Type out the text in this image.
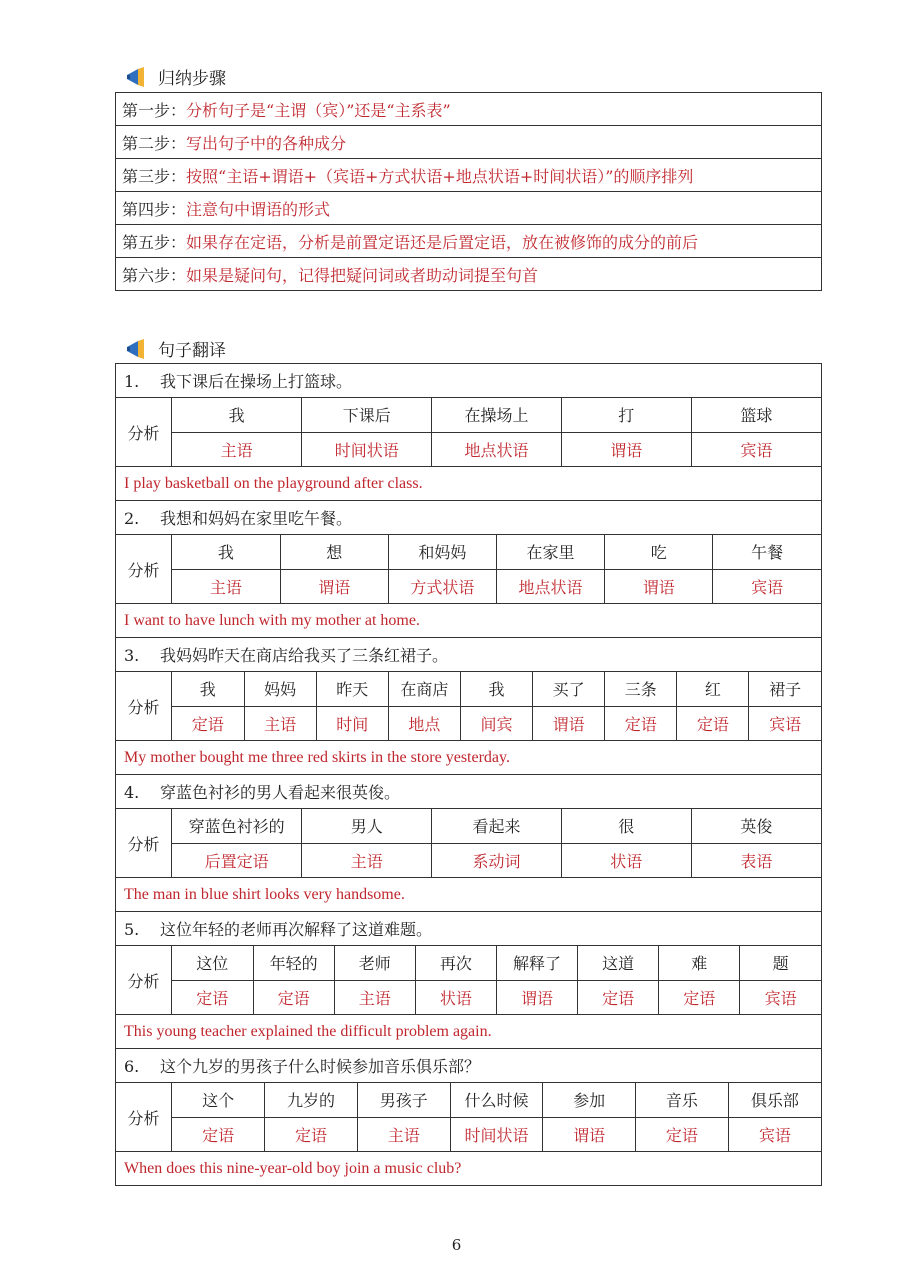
归纳步骤
第一步：分析句子是“主谓（宾）”还是“主系表”
第二步：写出句子中的各种成分
第三步：按照“主语+谓语+（宾语+方式状语+地点状语+时间状语）”的顺序排列
第四步：注意句中谓语的形式
第五步：如果存在定语，分析是前置定语还是后置定语，放在被修饰的成分的前后
第六步：如果是疑问句，记得把疑问词或者助动词提至句首
句子翻译
1. 我下课后在操场上打篮球。
分析	
我	下课后	在操场上	打	篮球
主语	时间状语	地点状语	谓语	宾语

I play basketball on the playground after class.
2. 我想和妈妈在家里吃午餐。
分析	
我	想	和妈妈	在家里	吃	午餐
主语	谓语	方式状语	地点状语	谓语	宾语

I want to have lunch with my mother at home.
3. 我妈妈昨天在商店给我买了三条红裙子。
分析	
我	妈妈	昨天	在商店	我	买了	三条	红	裙子
定语	主语	时间	地点	间宾	谓语	定语	定语	宾语

My mother bought me three red skirts in the store yesterday.
4. 穿蓝色衬衫的男人看起来很英俊。
分析	
穿蓝色衬衫的	男人	看起来	很	英俊
后置定语	主语	系动词	状语	表语

The man in blue shirt looks very handsome.
5. 这位年轻的老师再次解释了这道难题。
分析	
这位	年轻的	老师	再次	解释了	这道	难	题
定语	定语	主语	状语	谓语	定语	定语	宾语

This young teacher explained the difficult problem again.
6. 这个九岁的男孩子什么时候参加音乐俱乐部？
分析	
这个	九岁的	男孩子	什么时候	参加	音乐	俱乐部
定语	定语	主语	时间状语	谓语	定语	宾语

When does this nine-year-old boy join a music club?
6
